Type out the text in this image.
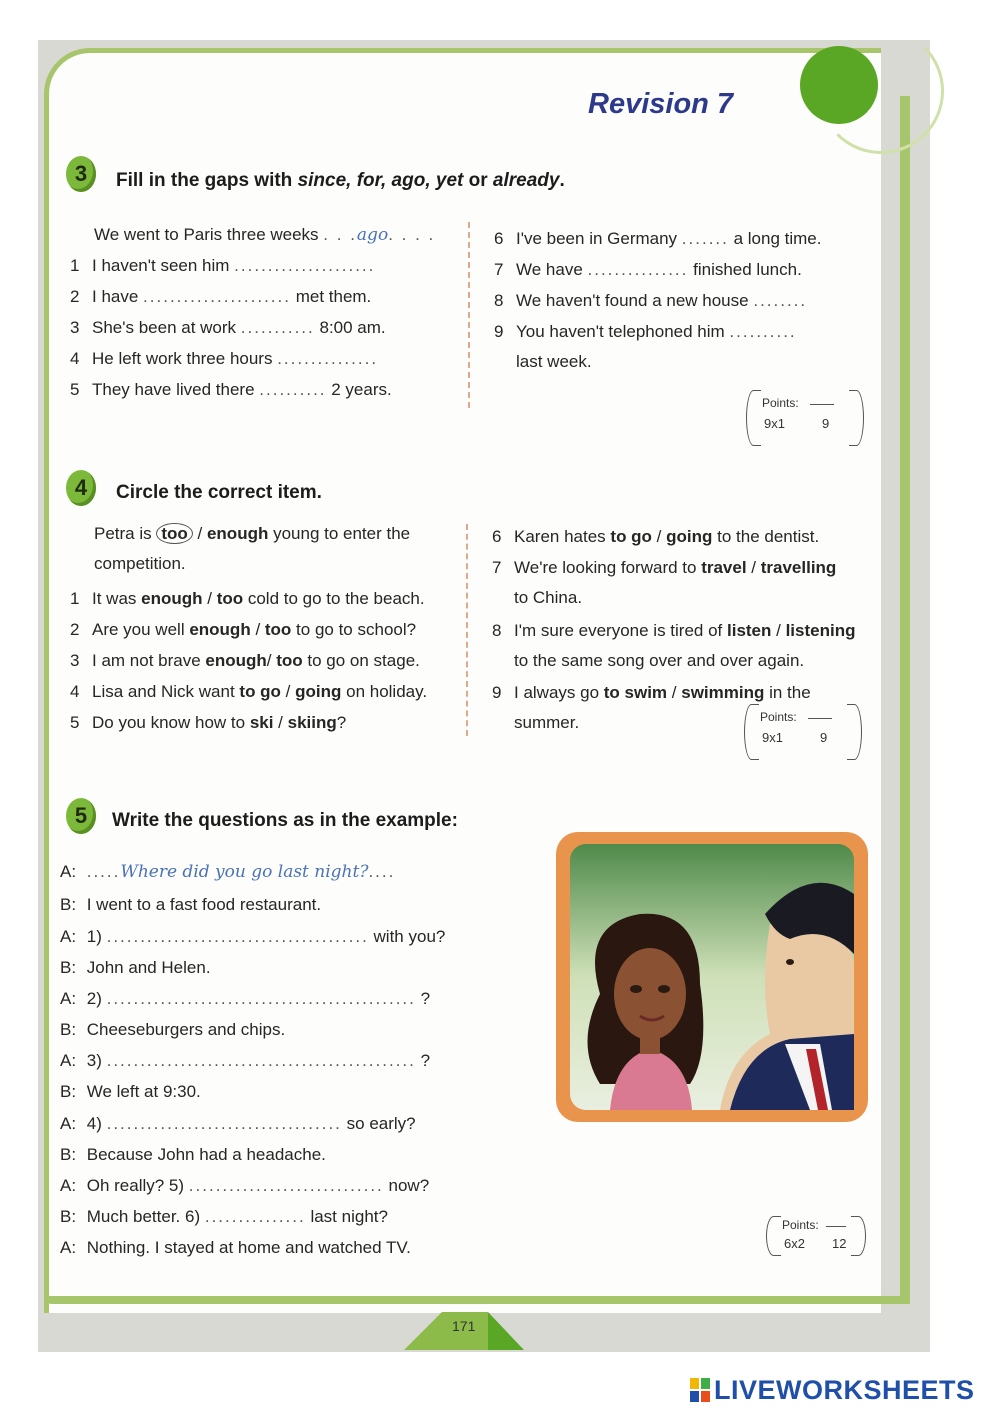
Revision 7
3	Fill in the gaps with since, for, ago, yet or already.
We went to Paris three weeks . . .ago. . . .
1 I haven't seen him .....................
2 I have ...................... met them.
3 She's been at work ........... 8:00 am.
4 He left work three hours ...............
5 They have lived there .......... 2 years.
6 I've been in Germany ....... a long time.
7 We have ............... finished lunch.
8 We haven't found a new house ........
9 You haven't telephoned him ..........
last week.
Points:
9x1	9
4	Circle the correct item.
Petra is too / enough young to enter the
competition.
1 It was enough / too cold to go to the beach.
2 Are you well enough / too to go to school?
3 I am not brave enough/ too to go on stage.
4 Lisa and Nick want to go / going on holiday.
5 Do you know how to ski / skiing?
6 Karen hates to go / going to the dentist.
7 We're looking forward to travel / travelling
to China.
8 I'm sure everyone is tired of listen / listening
to the same song over and over again.
9 I always go to swim / swimming in the
summer.	Points:
9x1	9
5	Write the questions as in the example:
A: .....Where did you go last night?....
B: I went to a fast food restaurant.
A: 1) ....................................... with you?
B: John and Helen.
A: 2) .............................................. ?
B: Cheeseburgers and chips.
A: 3) .............................................. ?
B: We left at 9:30.
A: 4) ................................... so early?
B: Because John had a headache.
A: Oh really? 5) ............................. now?
B: Much better. 6) ............... last night?
A: Nothing. I stayed at home and watched TV.
Points:
6x2 12
171
LIVEWORKSHEETS
